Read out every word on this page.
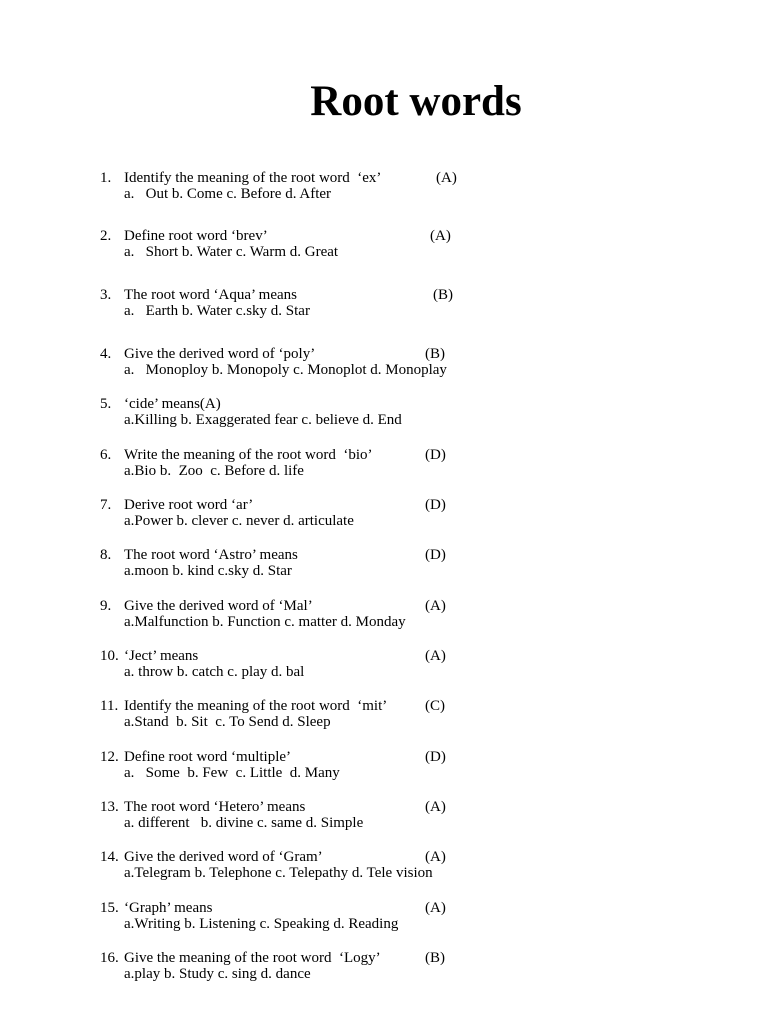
Root words

1.

Identify the meaning of the root word  ‘ex’

	(A)

a.   Out b. Come c. Before d. After

2.

Define root word ‘brev’

	(A)

a.   Short b. Water c. Warm d. Great

3.

The root word ‘Aqua’ means

	(B)

a.   Earth b. Water c.sky d. Star

4.

Give the derived word of ‘poly’

	(B)

a.   Monoploy b. Monopoly c. Monoplot d. Monoplay

5.

‘cide’ means(A)

a.Killing b. Exaggerated fear c. believe d. End

6.

Write the meaning of the root word  ‘bio’

	(D)

a.Bio b.  Zoo  c. Before d. life

7.

Derive root word ‘ar’

	(D)

a.Power b. clever c. never d. articulate

8.

The root word ‘Astro’ means

	(D)

a.moon b. kind c.sky d. Star

9.

Give the derived word of ‘Mal’

	(A)

a.Malfunction b. Function c. matter d. Monday

10.

‘Ject’ means

	(A)

a. throw b. catch c. play d. bal

11.

Identify the meaning of the root word  ‘mit’

	(C)

a.Stand  b. Sit  c. To Send d. Sleep

12.

Define root word ‘multiple’

	(D)

a.   Some  b. Few  c. Little  d. Many

13.

The root word ‘Hetero’ means

	(A)

a. different   b. divine c. same d. Simple

14.

Give the derived word of ‘Gram’

	(A)

a.Telegram b. Telephone c. Telepathy d. Tele vision

15.

‘Graph’ means

	(A)

a.Writing b. Listening c. Speaking d. Reading

16.

Give the meaning of the root word  ‘Logy’

	(B)

a.play b. Study c. sing d. dance
